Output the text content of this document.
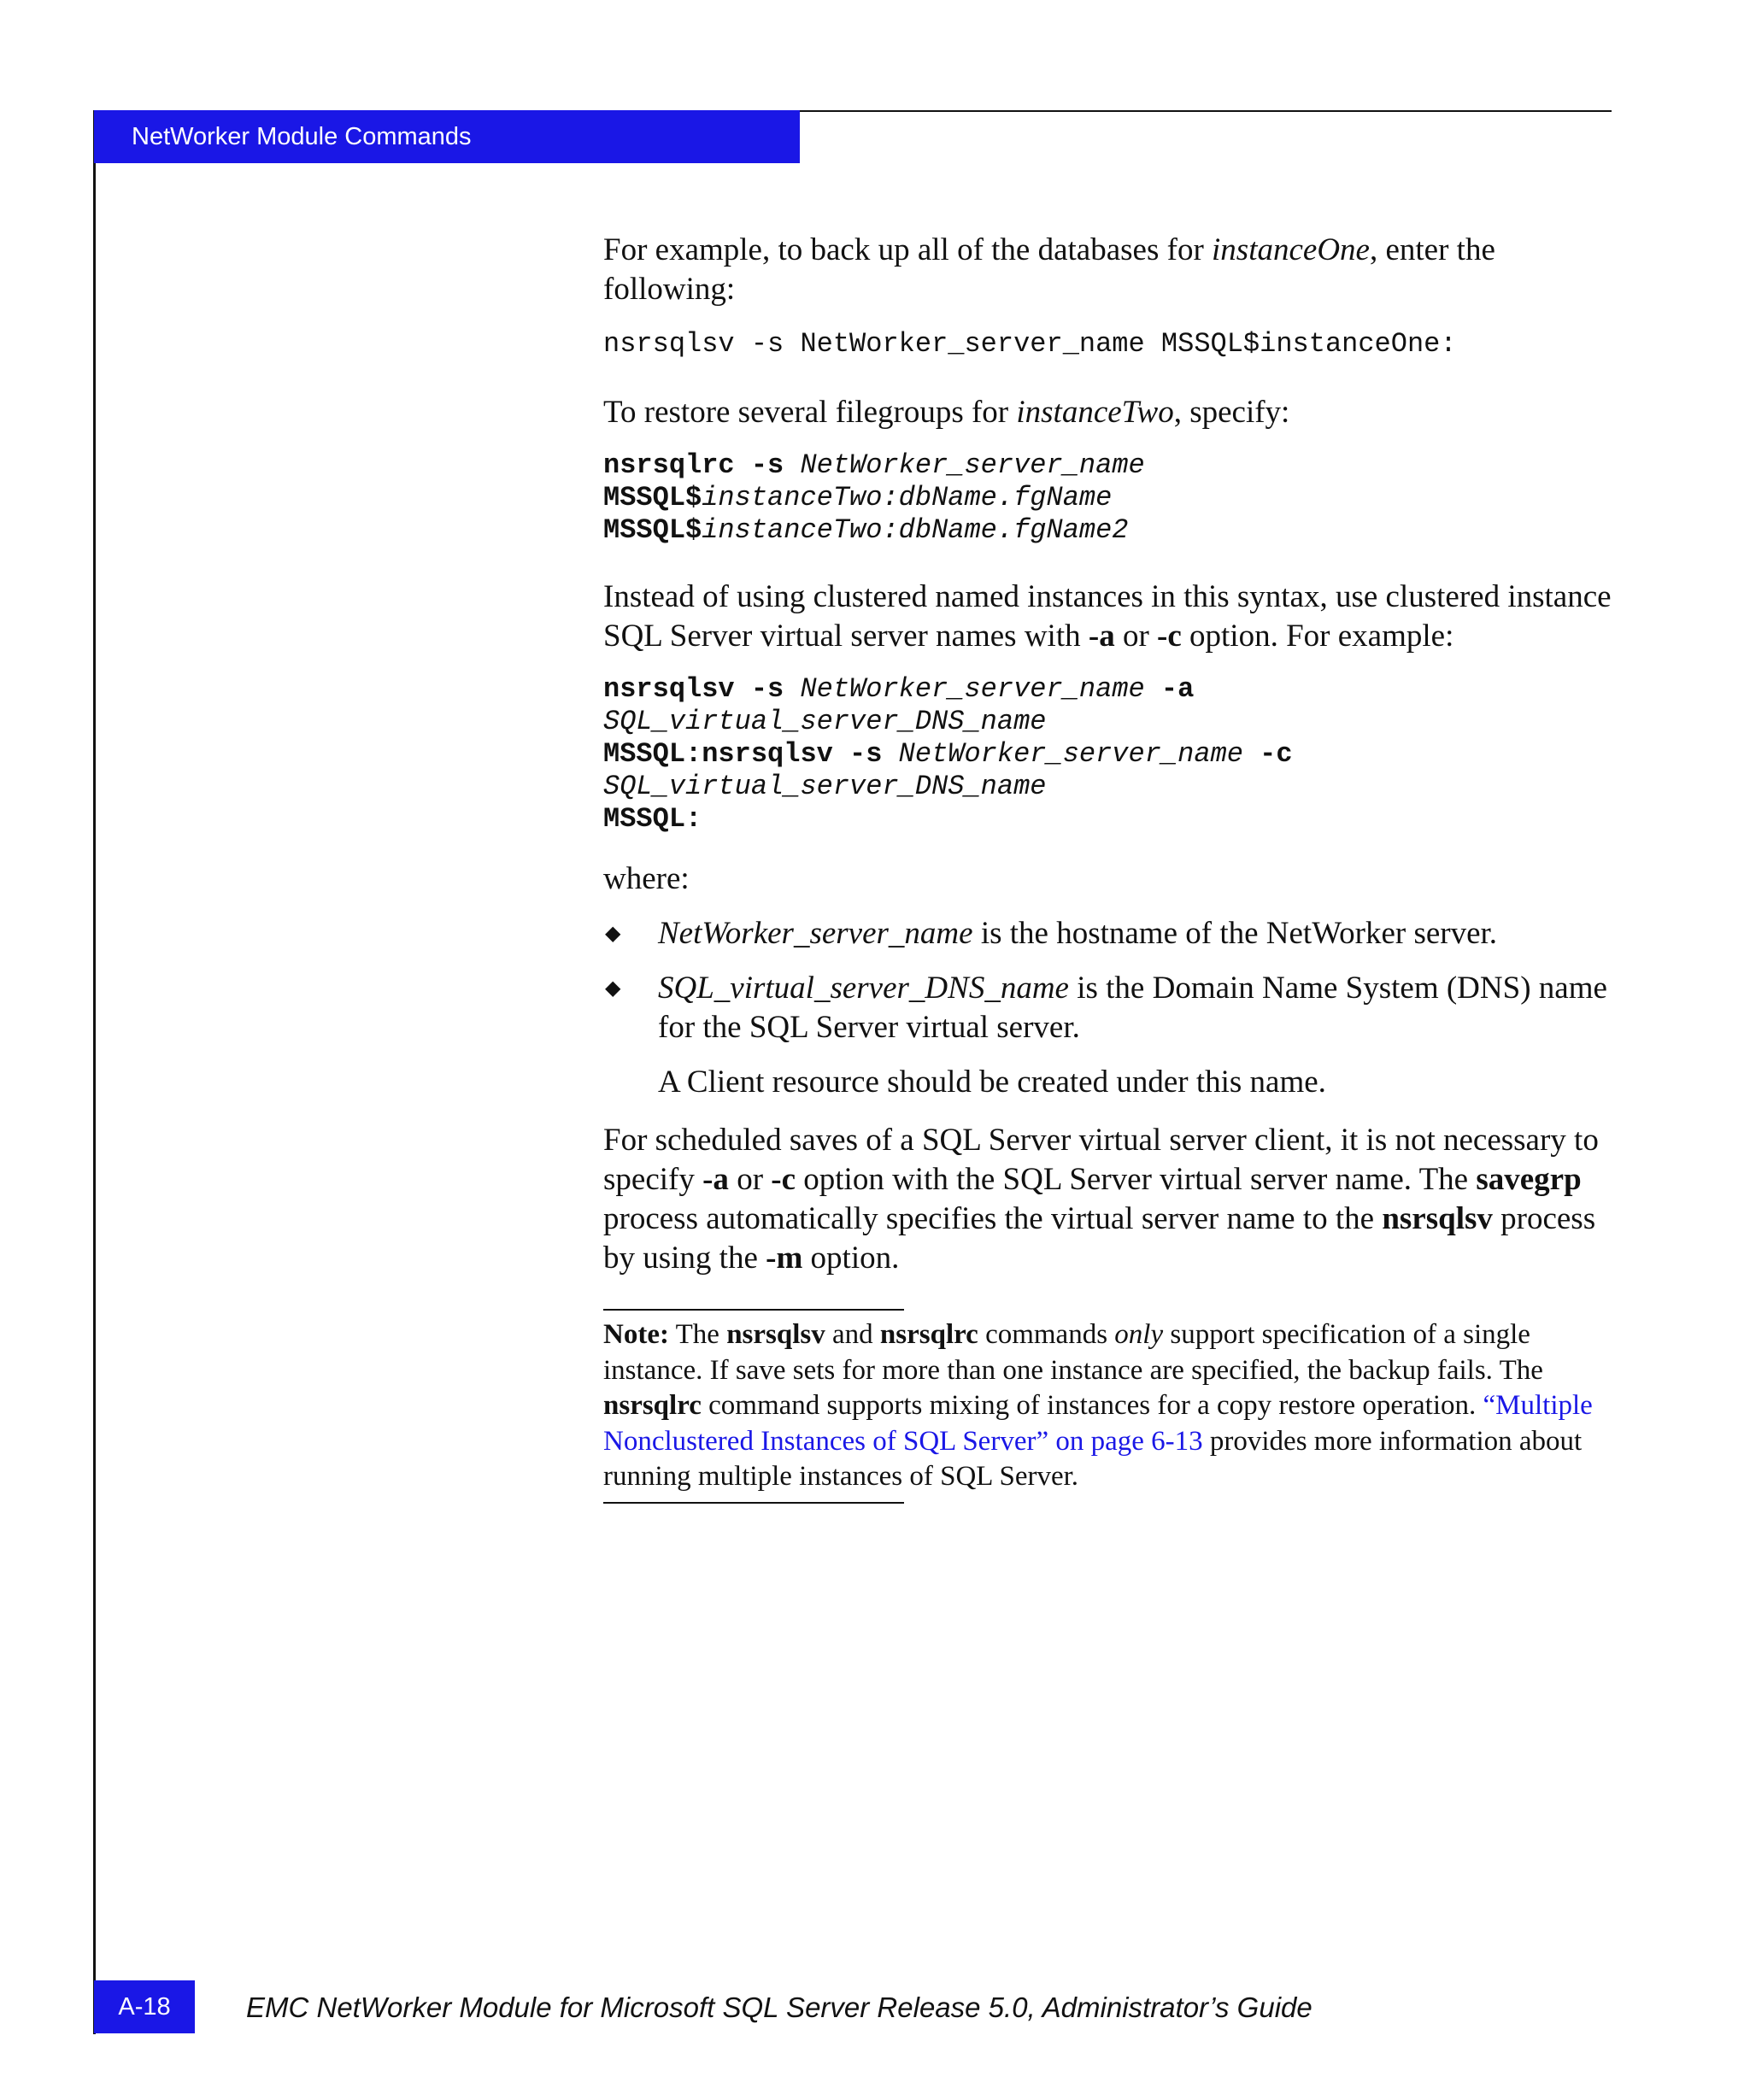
NetWorker Module Commands

For example, to back up all of the databases for instanceOne, enter the following:

nsrsqlsv -s NetWorker_server_name MSSQL$instanceOne:

To restore several filegroups for instanceTwo, specify:

nsrsqlrc -s NetWorker_server_name

MSSQL$instanceTwo:dbName.fgName

MSSQL$instanceTwo:dbName.fgName2

Instead of using clustered named instances in this syntax, use clustered instance SQL Server virtual server names with -a or -c option. For example:

nsrsqlsv -s NetWorker_server_name -a

SQL_virtual_server_DNS_name

MSSQL:nsrsqlsv -s NetWorker_server_name -c

SQL_virtual_server_DNS_name

MSSQL:

where:

◆ NetWorker_server_name is the hostname of the NetWorker server.
◆ SQL_virtual_server_DNS_name is the Domain Name System (DNS) name for the SQL Server virtual server.

A Client resource should be created under this name.

For scheduled saves of a SQL Server virtual server client, it is not necessary to specify -a or -c option with the SQL Server virtual server name. The savegrp process automatically specifies the virtual server name to the nsrsqlsv process by using the -m option.

Note: The nsrsqlsv and nsrsqlrc commands only support specification of a single instance. If save sets for more than one instance are specified, the backup fails. The nsrsqlrc command supports mixing of instances for a copy restore operation. “Multiple Nonclustered Instances of SQL Server” on page 6-13 provides more information about running multiple instances of SQL Server.

A-18	EMC NetWorker Module for Microsoft SQL Server Release 5.0, Administrator’s Guide
